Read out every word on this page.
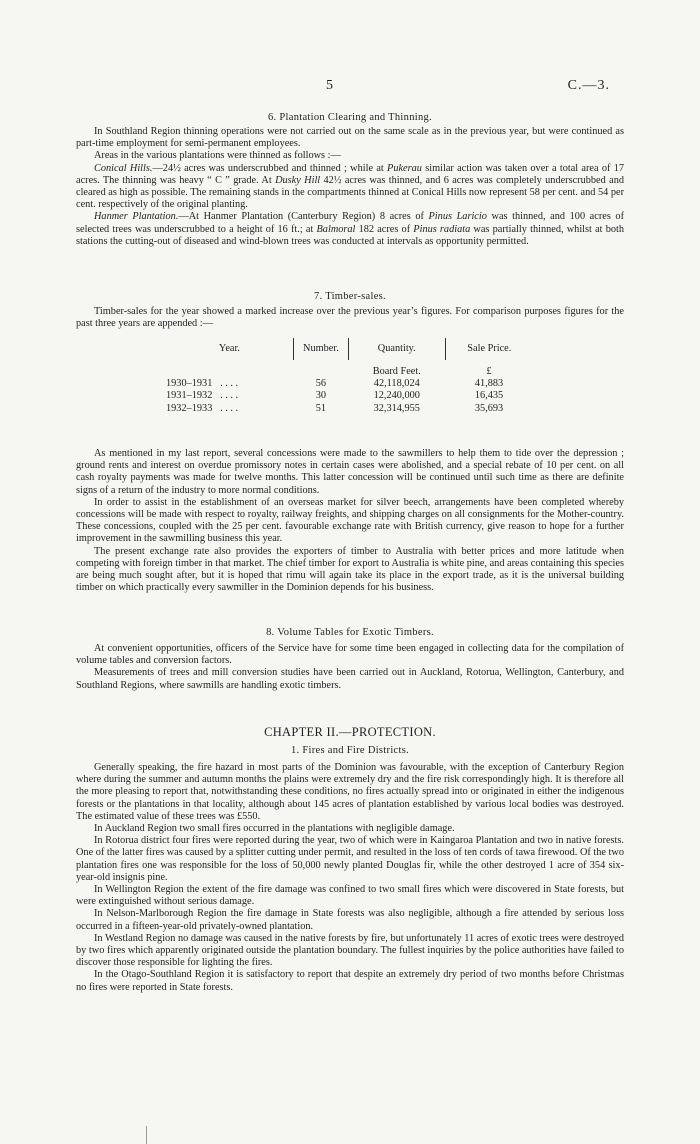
5	C.—3.
6. Plantation Clearing and Thinning.

In Southland Region thinning operations were not carried out on the same scale as in the previous year, but were continued as part-time employment for semi-permanent employees.

Areas in the various plantations were thinned as follows :—

Conical Hills.—24½ acres was underscrubbed and thinned ; while at Pukerau similar action was taken over a total area of 17 acres. The thinning was heavy “ C ” grade. At Dusky Hill 42½ acres was thinned, and 6 acres was completely underscrubbed and cleared as high as possible. The remaining stands in the compartments thinned at Conical Hills now represent 58 per cent. and 54 per cent. respectively of the original planting.

Hanmer Plantation.—At Hanmer Plantation (Canterbury Region) 8 acres of Pinus Laricio was thinned, and 100 acres of selected trees was underscrubbed to a height of 16 ft.; at Balmoral 182 acres of Pinus radiata was partially thinned, whilst at both stations the cutting-out of diseased and wind-blown trees was conducted at intervals as opportunity permitted.

7. Timber-sales.

Timber-sales for the year showed a marked increase over the previous year’s figures. For comparison purposes figures for the past three years are appended :—

Year.	Number.	Quantity.	Sale Price.
		Board Feet.	£
1930–1931 . . . .	56	42,118,024	41,883
1931–1932 . . . .	30	12,240,000	16,435
1932–1933 . . . .	51	32,314,955	35,693

As mentioned in my last report, several concessions were made to the sawmillers to help them to tide over the depression ; ground rents and interest on overdue promissory notes in certain cases were abolished, and a special rebate of 10 per cent. on all cash royalty payments was made for twelve months. This latter concession will be continued until such time as there are definite signs of a return of the industry to more normal conditions.

In order to assist in the establishment of an overseas market for silver beech, arrangements have been completed whereby concessions will be made with respect to royalty, railway freights, and shipping charges on all consignments for the Mother-country. These concessions, coupled with the 25 per cent. favourable exchange rate with British currency, give reason to hope for a further improvement in the sawmilling business this year.

The present exchange rate also provides the exporters of timber to Australia with better prices and more latitude when competing with foreign timber in that market. The chief timber for export to Australia is white pine, and areas containing this species are being much sought after, but it is hoped that rimu will again take its place in the export trade, as it is the universal building timber on which practically every sawmiller in the Dominion depends for his business.

8. Volume Tables for Exotic Timbers.

At convenient opportunities, officers of the Service have for some time been engaged in collecting data for the compilation of volume tables and conversion factors.

Measurements of trees and mill conversion studies have been carried out in Auckland, Rotorua, Wellington, Canterbury, and Southland Regions, where sawmills are handling exotic timbers.

CHAPTER II.—PROTECTION.
1. Fires and Fire Districts.

Generally speaking, the fire hazard in most parts of the Dominion was favourable, with the exception of Canterbury Region where during the summer and autumn months the plains were extremely dry and the fire risk correspondingly high. It is therefore all the more pleasing to report that, notwithstanding these conditions, no fires actually spread into or originated in either the indigenous forests or the plantations in that locality, although about 145 acres of plantation established by various local bodies was destroyed. The estimated value of these trees was £550.

In Auckland Region two small fires occurred in the plantations with negligible damage.

In Rotorua district four fires were reported during the year, two of which were in Kaingaroa Plantation and two in native forests. One of the latter fires was caused by a splitter cutting under permit, and resulted in the loss of ten cords of tawa firewood. Of the two plantation fires one was responsible for the loss of 50,000 newly planted Douglas fir, while the other destroyed 1 acre of 354 six-year-old insignis pine.

In Wellington Region the extent of the fire damage was confined to two small fires which were discovered in State forests, but were extinguished without serious damage.

In Nelson-Marlborough Region the fire damage in State forests was also negligible, although a fire attended by serious loss occurred in a fifteen-year-old privately-owned plantation.

In Westland Region no damage was caused in the native forests by fire, but unfortunately 11 acres of exotic trees were destroyed by two fires which apparently originated outside the plantation boundary. The fullest inquiries by the police authorities have failed to discover those responsible for lighting the fires.

In the Otago-Southland Region it is satisfactory to report that despite an extremely dry period of two months before Christmas no fires were reported in State forests.
